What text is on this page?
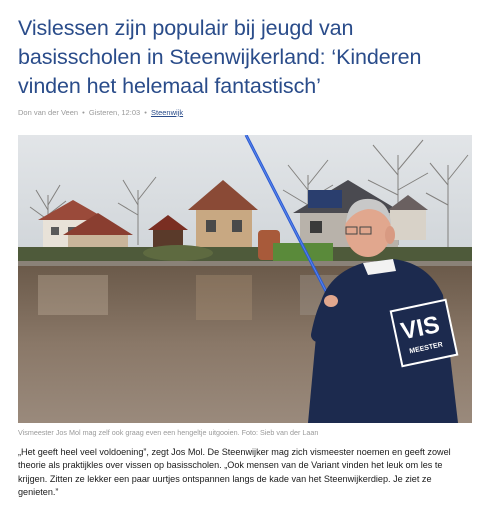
Vislessen zijn populair bij jeugd van basisscholen in Steenwijkerland: ‘Kinderen vinden het helemaal fantastisch’
Don van der Veen • Gisteren, 12:03 • Steenwijk
VIS
MEESTER
Vismeester Jos Mol mag zelf ook graag even een hengeltje uitgooien. Foto: Sieb van der Laan

„Het geeft heel veel voldoening”, zegt Jos Mol. De Steenwijker mag zich vismeester noemen en geeft zowel theorie als praktijkles over vissen op basisscholen. „Ook mensen van de Variant vinden het leuk om les te krijgen. Zitten ze lekker een paar uurtjes ontspannen langs de kade van het Steenwijkerdiep. Je ziet ze genieten.”
